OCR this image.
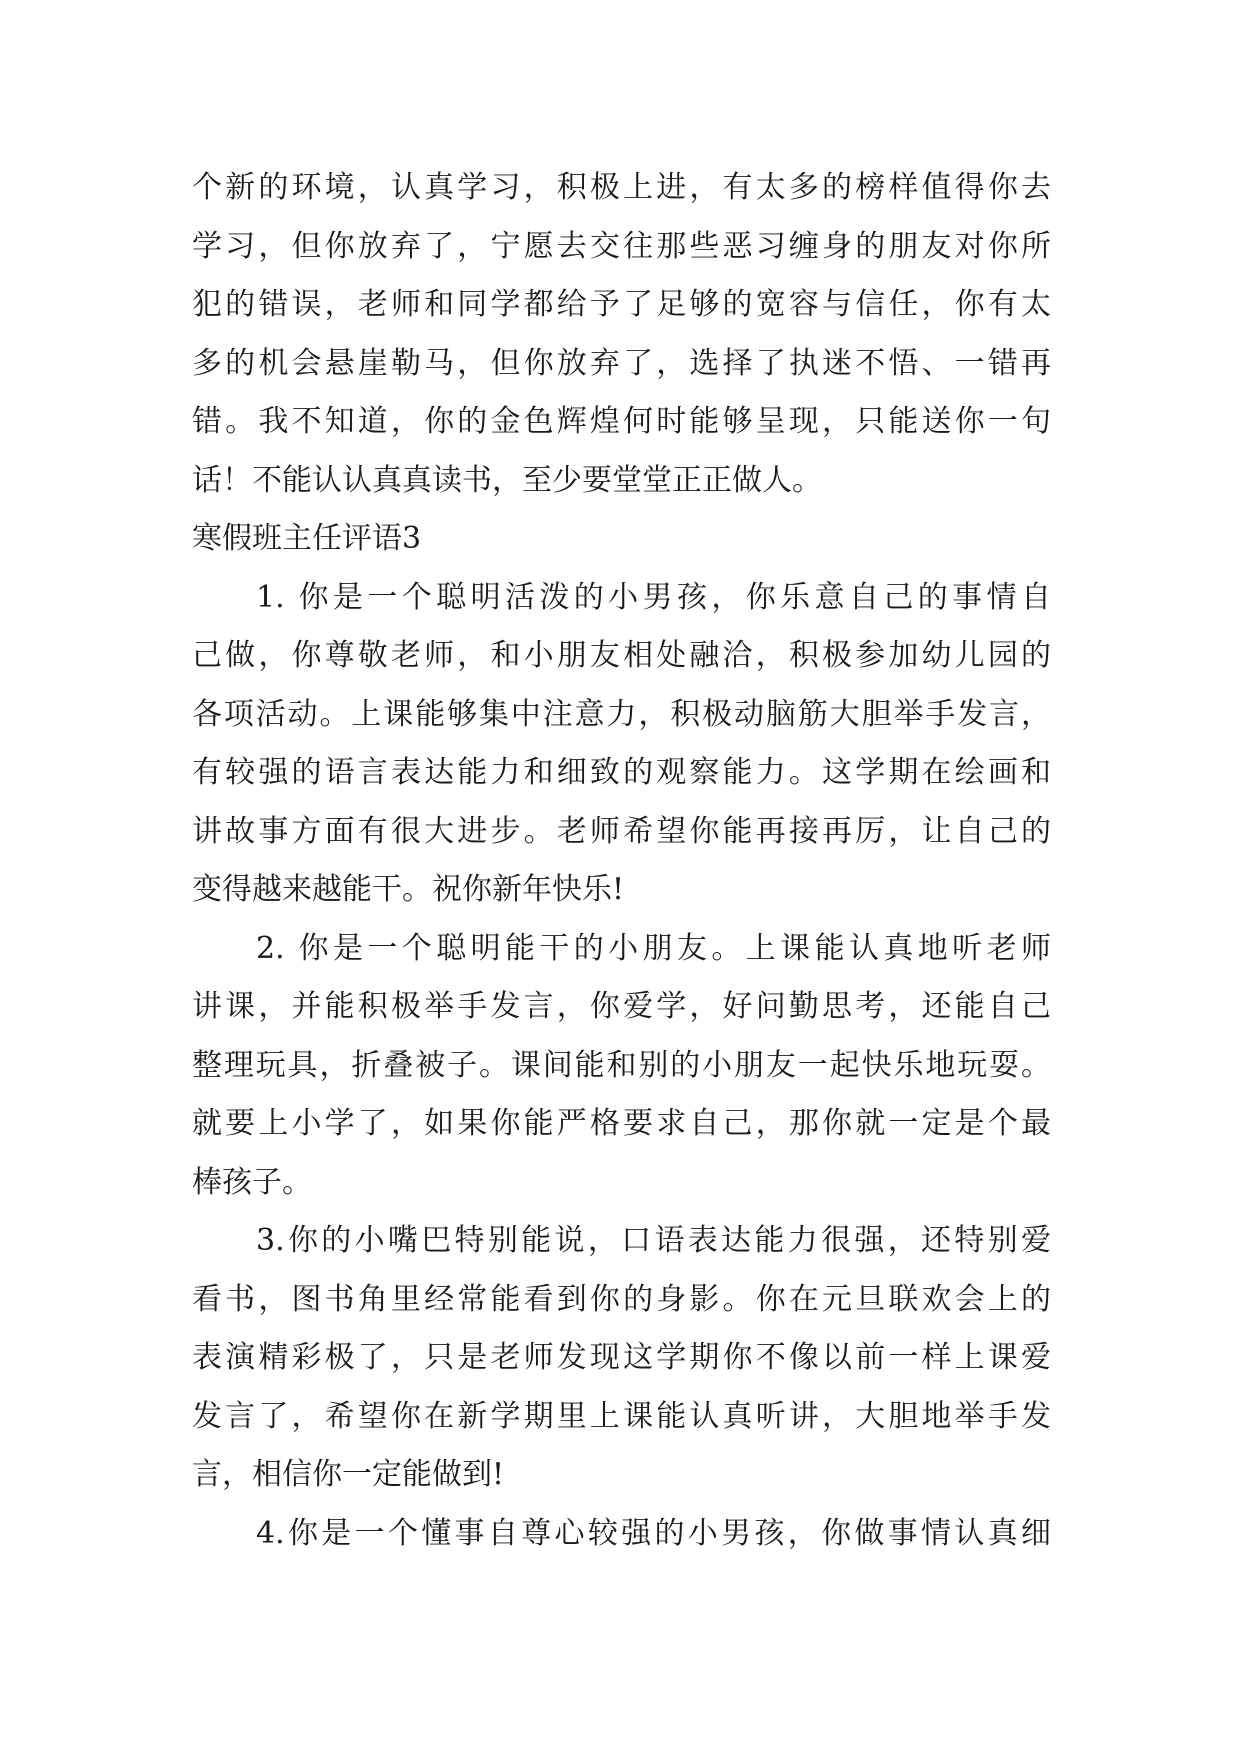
个新的环境，认真学习，积极上进，有太多的榜样值得你去
学习，但你放弃了，宁愿去交往那些恶习缠身的朋友对你所
犯的错误，老师和同学都给予了足够的宽容与信任，你有太
多的机会悬崖勒马，但你放弃了，选择了执迷不悟、一错再
错。我不知道，你的金色辉煌何时能够呈现，只能送你一句
话！不能认认真真读书，至少要堂堂正正做人。
寒假班主任评语3
1. 你是一个聪明活泼的小男孩，你乐意自己的事情自
己做，你尊敬老师，和小朋友相处融洽，积极参加幼儿园的
各项活动。上课能够集中注意力，积极动脑筋大胆举手发言，
有较强的语言表达能力和细致的观察能力。这学期在绘画和
讲故事方面有很大进步。老师希望你能再接再厉，让自己的
变得越来越能干。祝你新年快乐!
2. 你是一个聪明能干的小朋友。上课能认真地听老师
讲课，并能积极举手发言，你爱学，好问勤思考，还能自己
整理玩具，折叠被子。课间能和别的小朋友一起快乐地玩耍。
就要上小学了，如果你能严格要求自己，那你就一定是个最
棒孩子。
3.你的小嘴巴特别能说，口语表达能力很强，还特别爱
看书，图书角里经常能看到你的身影。你在元旦联欢会上的
表演精彩极了，只是老师发现这学期你不像以前一样上课爱
发言了，希望你在新学期里上课能认真听讲，大胆地举手发
言，相信你一定能做到!
4.你是一个懂事自尊心较强的小男孩，你做事情认真细
